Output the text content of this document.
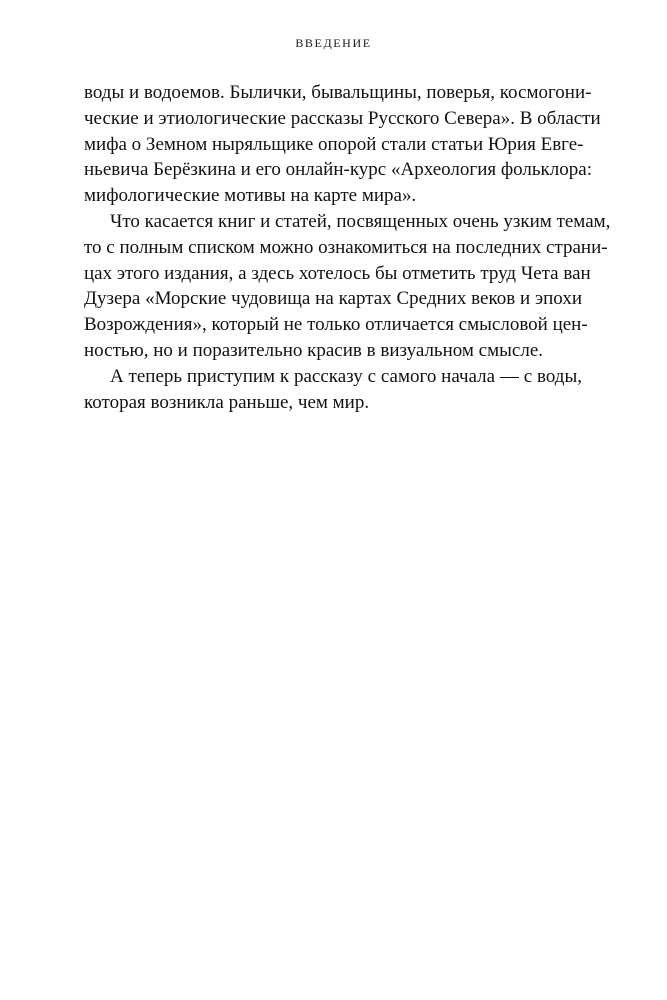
ВВЕДЕНИЕ
воды и водоемов. Былички, бывальщины, поверья, космогони-
ческие и этиологические рассказы Русского Севера». В области
мифа о Земном ныряльщике опорой стали статьи Юрия Евге-
ньевича Берёзкина и его онлайн-курс «Археология фольклора:
мифологические мотивы на карте мира».
Что касается книг и статей, посвященных очень узким темам,
то с полным списком можно ознакомиться на последних страни-
цах этого издания, а здесь хотелось бы отметить труд Чета ван
Дузера «Морские чудовища на картах Средних веков и эпохи
Возрождения», который не только отличается смысловой цен-
ностью, но и поразительно красив в визуальном смысле.
А теперь приступим к рассказу с самого начала — с воды,
которая возникла раньше, чем мир.
